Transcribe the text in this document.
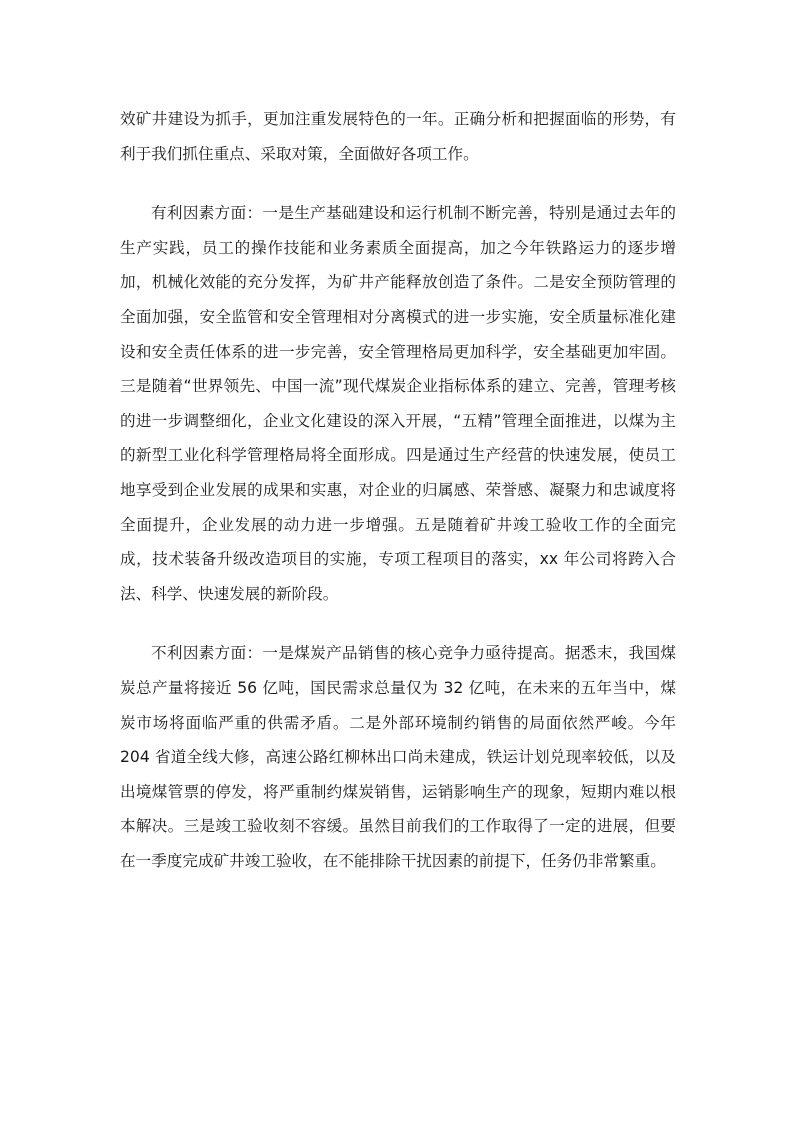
效矿井建设为抓手，更加注重发展特色的一年。正确分析和把握面临的形势，有利于我们抓住重点、采取对策，全面做好各项工作。

有利因素方面：一是生产基础建设和运行机制不断完善，特别是通过去年的生产实践，员工的操作技能和业务素质全面提高，加之今年铁路运力的逐步增加，机械化效能的充分发挥，为矿井产能释放创造了条件。二是安全预防管理的全面加强，安全监管和安全管理相对分离模式的进一步实施，安全质量标准化建设和安全责任体系的进一步完善，安全管理格局更加科学，安全基础更加牢固。三是随着“世界领先、中国一流”现代煤炭企业指标体系的建立、完善，管理考核的进一步调整细化，企业文化建设的深入开展，“五精”管理全面推进，以煤为主的新型工业化科学管理格局将全面形成。四是通过生产经营的快速发展，使员工地享受到企业发展的成果和实惠，对企业的归属感、荣誉感、凝聚力和忠诚度将全面提升，企业发展的动力进一步增强。五是随着矿井竣工验收工作的全面完成，技术装备升级改造项目的实施，专项工程项目的落实，xx 年公司将跨入合法、科学、快速发展的新阶段。

不利因素方面：一是煤炭产品销售的核心竞争力亟待提高。据悉末，我国煤炭总产量将接近 56 亿吨，国民需求总量仅为 32 亿吨，在未来的五年当中，煤炭市场将面临严重的供需矛盾。二是外部环境制约销售的局面依然严峻。今年 204 省道全线大修，高速公路红柳林出口尚未建成，铁运计划兑现率较低，以及出境煤管票的停发，将严重制约煤炭销售，运销影响生产的现象，短期内难以根本解决。三是竣工验收刻不容缓。虽然目前我们的工作取得了一定的进展，但要在一季度完成矿井竣工验收，在不能排除干扰因素的前提下，任务仍非常繁重。
